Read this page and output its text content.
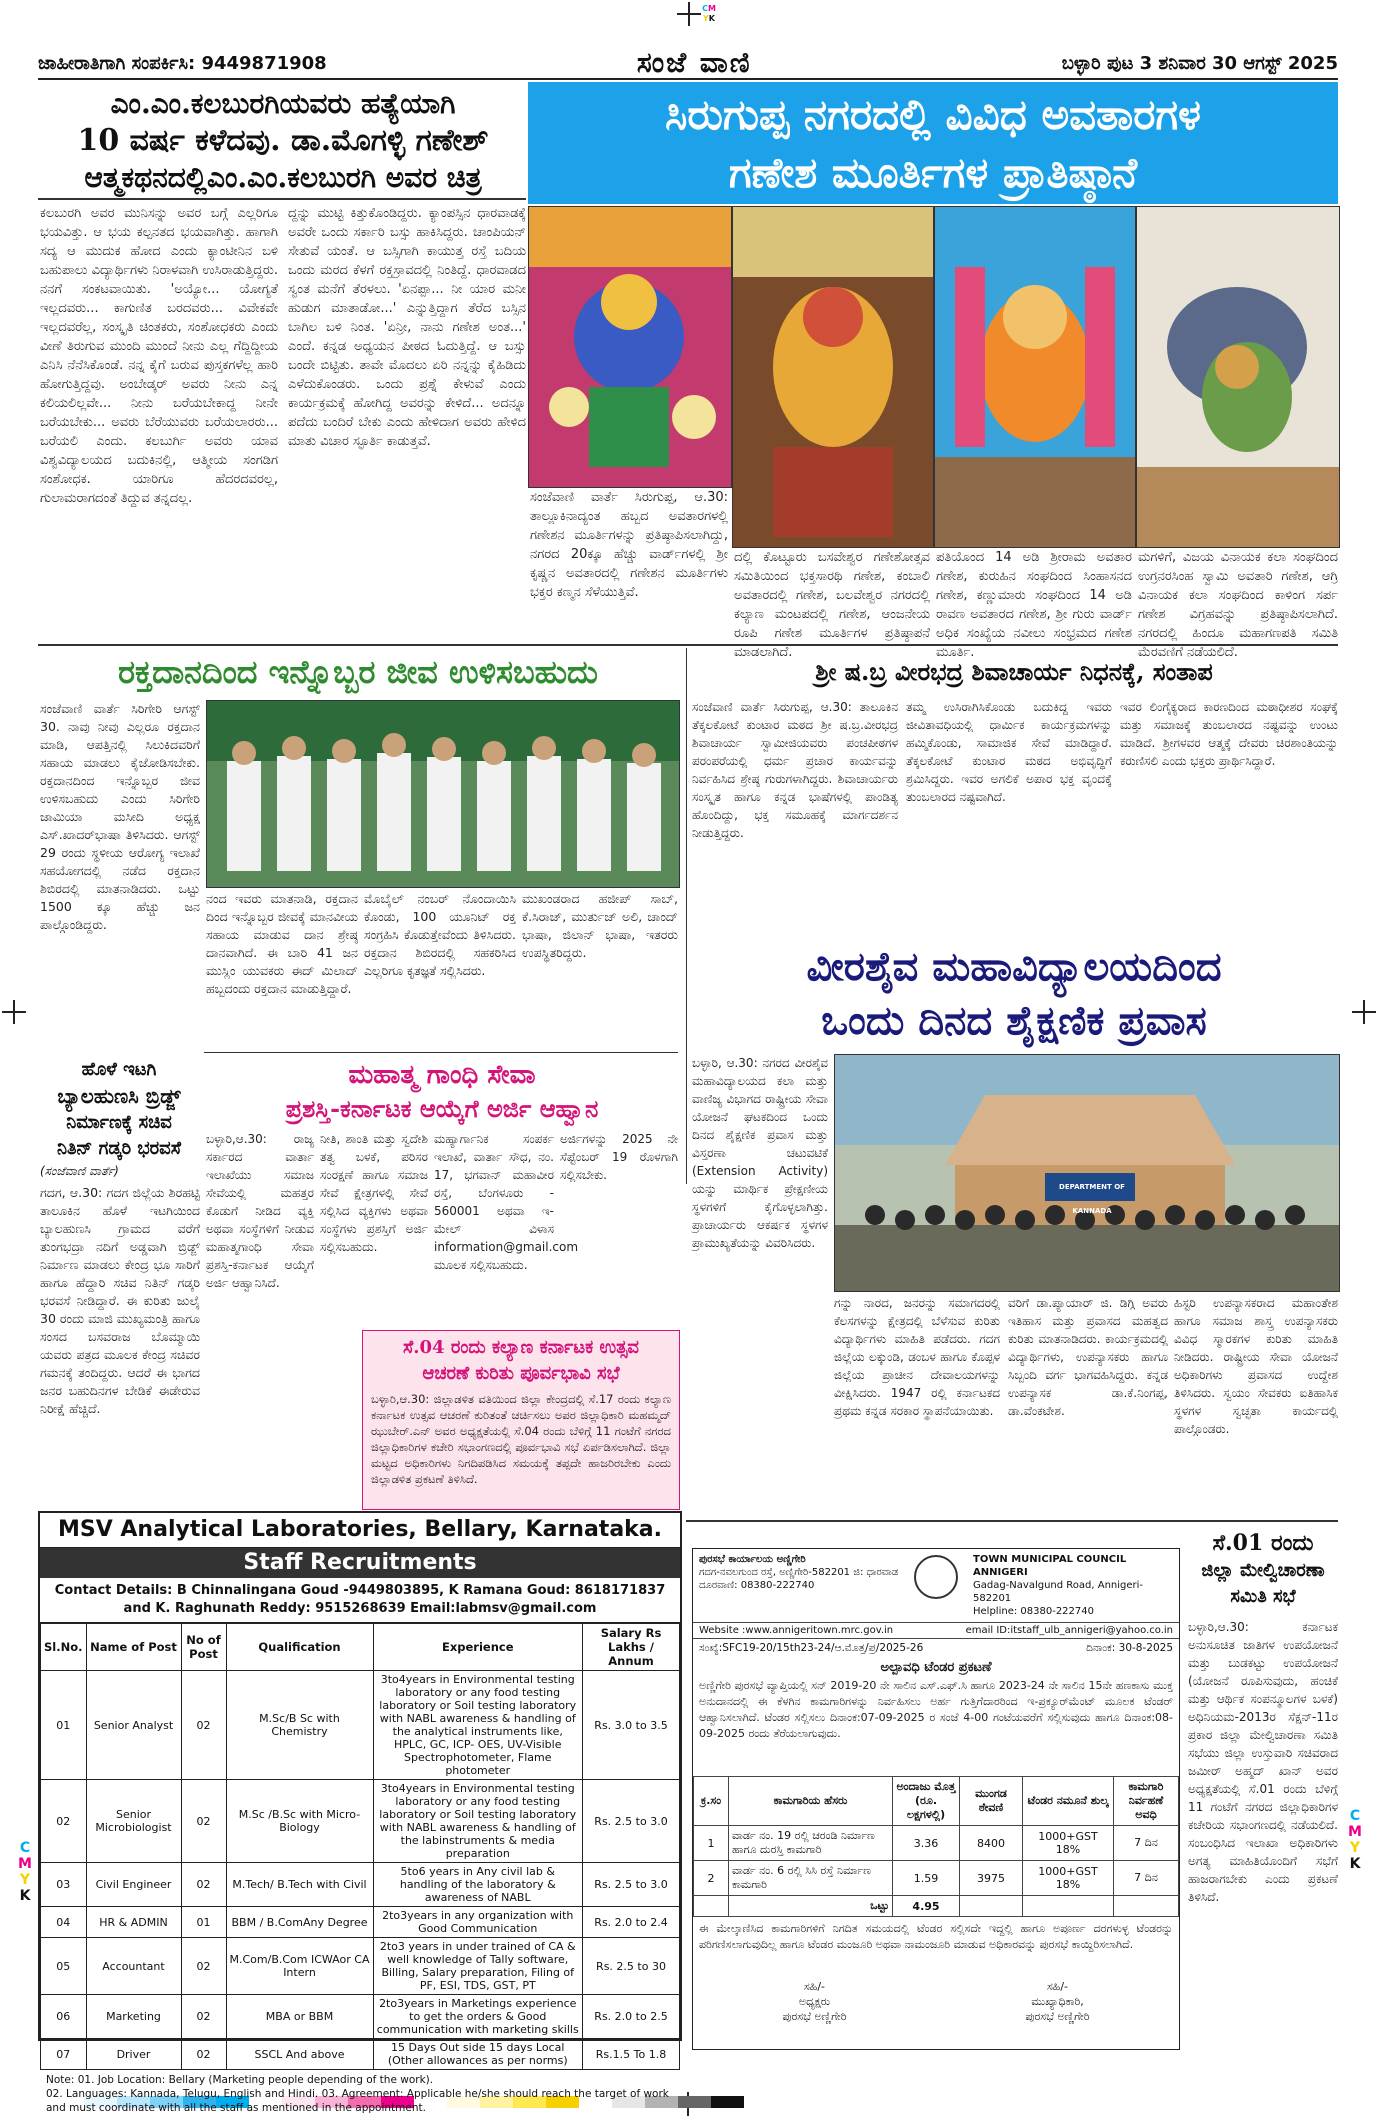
CM
YK
C
M
Y
K
C
M
Y
K
ಜಾಹೀರಾತಿಗಾಗಿ ಸಂಪರ್ಕಿಸಿ: 9449871908	ಸಂಜೆ ವಾಣಿ	ಬಳ್ಳಾರಿ ಪುಟ 3 ಶನಿವಾರ 30 ಆಗಸ್ಟ್ 2025
ಎಂ.ಎಂ.ಕಲಬುರಗಿಯವರು ಹತ್ಯೆಯಾಗಿ
10 ವರ್ಷ ಕಳೆದವು. ಡಾ.ಮೊಗಳ್ಳಿ ಗಣೇಶ್
ಆತ್ಮಕಥನದಲ್ಲಿಎಂ.ಎಂ.ಕಲಬುರಗಿ ಅವರ ಚಿತ್ರ
ಕಲಬುರಗಿ ಅವರ ಮುನಿಸನ್ನು ಅವರ ಬಗ್ಗೆ ಎಲ್ಲರಿಗೂ ಭಯವಿತ್ತು. ಆ ಭಯ ಕಲ್ಪನತದ ಭಯವಾಗಿತ್ತು. ಹಾಗಾಗಿ ಸದ್ಯ ಆ ಮುದುಕ ಹೋದ ಎಂದು ಕ್ಯಾಂಟೀನಿನ ಬಳಿ ಬಹುಪಾಲು ವಿದ್ಯಾರ್ಥಿಗಳು ನಿರಾಳವಾಗಿ ಉಸಿರಾಡುತ್ತಿದ್ದರು. ನನಗೆ ಸಂಕಟವಾಯಿತು. 'ಅಯ್ಯೋ... ಯೋಗ್ಯತೆ ಇಲ್ಲದವರು... ಕಾಗುಣಿತ ಬರದವರು... ವಿವೇಕವೇ ಇಲ್ಲದವರೆಲ್ಲ, ಸಂಸ್ಕೃತಿ ಚಿಂತಕರು, ಸಂಶೋಧಕರು ಎಂದು ವೀಣೆ ತಿರುಗುವ ಮುಂದಿ ಮುಂದೆ ನೀನು ಎಲ್ಲ ಗೆದ್ದಿದ್ದೀಯ ಎನಿಸಿ ನೆನೆಸಿಕೊಂಡೆ. ನನ್ನ ಕೈಗೆ ಬರುವ ಪುಸ್ತಕಗಳೆಲ್ಲ ಹಾರಿ ಹೋಗುತ್ತಿದ್ದವು. ಅಂಬೇಡ್ಕರ್ ಅವರು ನೀನು ಎನ್ನ ಕಲಿಯಲಿಲ್ಲವೇ... ನೀನು ಬರೆಯಬೇಕಾದ್ದ ನೀನೇ ಬರೆಯಬೇಕು... ಅವರು ಬೆರೆಯುವರು ಬರೆಯಲಾರರು... ಬರೆಯಲಿ ಎಂದು. ಕಲಬುರ್ಗಿ ಅವರು ಯಾವ ವಿಶ್ವವಿದ್ಯಾಲಯದ ಬದುಕಿನಲ್ಲಿ, ಆತ್ಮೀಯ ಸಂಗಡಿಗ ಸಂಶೋಧಕ. ಯಾರಿಗೂ ಹೆದರದವರಲ್ಲ, ಗುಲಾಮರಾಗದಂತೆ ತಿದ್ದುವ ತನ್ನದಲ್ಲ.
ದ್ದನ್ನು ಮುಟ್ಟಿ ಕಿತ್ತುಕೊಂಡಿದ್ದರು. ಕ್ಯಾಂಪಸ್ಸಿನ ಧಾರವಾಡಕ್ಕೆ ಅವರೇ ಒಂದು ಸರ್ಕಾರಿ ಬಸ್ಸು ಹಾಕಿಸಿದ್ದರು. ಚಾಂಪಿಯನ್ ಸೇತುವೆ ಯಂತೆ. ಆ ಬಸ್ಸಿಗಾಗಿ ಕಾಯುತ್ತ ರಸ್ತೆ ಬದಿಯ ಒಂದು ಮರದ ಕೆಳಗೆ ರಕ್ತಸ್ರಾವದಲ್ಲಿ ನಿಂತಿದ್ದೆ. ಧಾರವಾಡದ ಸ್ವಂತ ಮನೆಗೆ ತೆರಳಲು. 'ಏನಪ್ಪಾ... ನೀ ಯಾರ ಮನೀ ಹುಡುಗ ಮಾತಾಡೋ...' ಎನ್ನುತ್ತಿದ್ದಾಗ ತೆರೆದ ಬಸ್ಸಿನ ಬಾಗಿಲ ಬಳಿ ನಿಂತ. 'ಏನ್ರೀ, ನಾನು ಗಣೇಶ ಅಂತ...' ಎಂದೆ. ಕನ್ನಡ ಅಧ್ಯಯನ ಪೀಠದ ಓದುತ್ತಿದ್ದೆ. ಆ ಬಸ್ಸು ಬಂದೇ ಬಿಟ್ಟಿತು. ತಾವೇ ಮೊದಲು ಏರಿ ನನ್ನನ್ನು ಕೈಹಿಡಿದು ಎಳೆದುಕೊಂಡರು. ಒಂದು ಪ್ರಶ್ನೆ ಕೇಳುವೆ ಎಂದು ಕಾರ್ಯಕ್ರಮಕ್ಕೆ ಹೋಗಿದ್ದ ಅವರನ್ನು ಕೇಳಿದೆ... ಅದನ್ನೂ ಪದೆದು ಬಂದಿರೆ ಬೇಕು ಎಂದು ಹೇಳಿದಾಗ ಅವರು ಹೇಳಿದ ಮಾತು ವಿಚಾರ ಸ್ಫೂರ್ತಿ ಕಾಡುತ್ತವೆ.
ಸಿರುಗುಪ್ಪ ನಗರದಲ್ಲಿ ವಿವಿಧ ಅವತಾರಗಳ
ಗಣೇಶ ಮೂರ್ತಿಗಳ ಪ್ರಾತಿಷ್ಠಾನೆ
ಸಂಜೆವಾಣಿ ವಾರ್ತೆ ಸಿರುಗುಪ್ಪ, ಆ.30: ತಾಲ್ಲೂಕಿನಾದ್ಯಂತ ಹಬ್ಬದ ಅವತಾರಗಳಲ್ಲಿ ಗಣೇಶನ ಮೂರ್ತಿಗಳನ್ನು ಪ್ರತಿಷ್ಠಾಪಿಸಲಾಗಿದ್ದು, ನಗರದ 20ಕ್ಕೂ ಹೆಚ್ಚು ವಾರ್ಡ್‌ಗಳಲ್ಲಿ ಶ್ರೀ ಕೃಷ್ಣನ ಅವತಾರದಲ್ಲಿ ಗಣೇಶನ ಮೂರ್ತಿಗಳು ಭಕ್ತರ ಕಣ್ಮನ ಸೆಳೆಯುತ್ತಿವೆ.
ದಲ್ಲಿ ಕೊಟ್ಟೂರು ಬಸವೇಶ್ವರ ಗಣೇಶೋತ್ಸವ ಸಮಿತಿಯಿಂದ ಭಕ್ತಸಾರಥಿ ಗಣೇಶ, ಕಂಬಾಲಿ ಅವತಾರದಲ್ಲಿ ಗಣೇಶ, ಬಲವೇಶ್ವರ ನಗರದಲ್ಲಿ ಕಲ್ಯಾಣ ಮಂಟಪದಲ್ಲಿ ಗಣೇಶ, ಆಂಜನೇಯ ರೂಪಿ ಗಣೇಶ ಮೂರ್ತಿಗಳ ಪ್ರತಿಷ್ಠಾಪನೆ ಮಾಡಲಾಗಿದೆ.
ಪತಿಯೊಂದ 14 ಅಡಿ ಶ್ರೀರಾಮ ಅವತಾರ ಗಣೇಶ, ಕುರುಹಿನ ಸಂಘದಿಂದ ಸಿಂಹಾಸನದ ಗಣೇಶ, ಕಣ್ಣುಮಾರು ಸಂಘದಿಂದ 14 ಅಡಿ ರಾವಣ ಅವತಾರದ ಗಣೇಶ, ಶ್ರೀ ಗುರು ವಾರ್ಡ್ ಅಧಿಕ ಸಂಖ್ಯೆಯ ನವೀಲು ಸಂಭ್ರಮದ ಗಣೇಶ ಮೂರ್ತಿ.
ಮಗಳಿಗೆ, ವಿಜಯ ವಿನಾಯಕ ಕಲಾ ಸಂಘದಿಂದ ಉಗ್ರನರಸಿಂಹ ಸ್ವಾಮಿ ಅವತಾರಿ ಗಣೇಶ, ಆಗ್ರಿ ವಿನಾಯಕ ಕಲಾ ಸಂಘದಿಂದ ಕಾಳಿಂಗ ಸರ್ಪ ಗಣೇಶ ವಿಗ್ರಹವನ್ನು ಪ್ರತಿಷ್ಠಾಪಿಸಲಾಗಿದೆ. ನಗರದಲ್ಲಿ ಹಿಂದೂ ಮಹಾಗಣಪತಿ ಸಮಿತಿ ಮೆರವಣಿಗೆ ನಡೆಯಲಿದೆ.
ರಕ್ತದಾನದಿಂದ ಇನ್ನೊಬ್ಬರ ಜೀವ ಉಳಿಸಬಹುದು
ಸಂಜೆವಾಣಿ ವಾರ್ತೆ ಸಿರಿಗೇರಿ ಆಗಸ್ಟ್ 30. ನಾವು ನೀವು ಎಲ್ಲರೂ ರಕ್ತದಾನ ಮಾಡಿ, ಆಪತ್ತಿನಲ್ಲಿ ಸಿಲುಕಿದವರಿಗೆ ಸಹಾಯ ಮಾಡಲು ಕೈಜೋಡಿಸಬೇಕು. ರಕ್ತದಾನದಿಂದ ಇನ್ನೊಬ್ಬರ ಜೀವ ಉಳಿಸಬಹುದು ಎಂದು ಸಿರಿಗೇರಿ ಜಾಮಿಯಾ ಮಸೀದಿ ಅಧ್ಯಕ್ಷ ಎಸ್.ಖಾದರ್‌ಭಾಷಾ ತಿಳಿಸಿದರು. ಆಗಸ್ಟ್ 29 ರಂದು ಸ್ಥಳೀಯ ಆರೋಗ್ಯ ಇಲಾಖೆ ಸಹಯೋಗದಲ್ಲಿ ನಡೆದ ರಕ್ತದಾನ ಶಿಬಿರದಲ್ಲಿ ಮಾತನಾಡಿದರು. ಒಟ್ಟು 1500 ಕ್ಕೂ ಹೆಚ್ಚು ಜನ ಪಾಲ್ಗೊಂಡಿದ್ದರು.
ನಂದ ಇವರು ಮಾತನಾಡಿ, ರಕ್ತದಾನ ದಿಂದ ಇನ್ನೊಬ್ಬರ ಜೀವಕ್ಕೆ ಮಾನವೀಯ ಸಹಾಯ ಮಾಡುವ ದಾನ ಶ್ರೇಷ್ಠ ದಾನವಾಗಿದೆ. ಈ ಬಾರಿ 41 ಜನ ಮುಸ್ಲಿಂ ಯುವಕರು ಈದ್ ಮಿಲಾದ್ ಹಬ್ಬದಂದು ರಕ್ತದಾನ ಮಾಡುತ್ತಿದ್ದಾರೆ.
ಮೊಬೈಲ್ ನಂಬರ್ ನೊಂದಾಯಿಸಿ ಕೊಂಡು, 100 ಯೂನಿಟ್ ರಕ್ತ ಸಂಗ್ರಹಿಸಿ ಕೊಡುತ್ತೇವೆಂದು ತಿಳಿಸಿದರು. ರಕ್ತದಾನ ಶಿಬಿರದಲ್ಲಿ ಸಹಕರಿಸಿದ ಎಲ್ಲರಿಗೂ ಕೃತಜ್ಞತೆ ಸಲ್ಲಿಸಿದರು.
ಮುಖಂಡರಾದ ಹಜೀಪ್ ಸಾಬ್, ಕೆ.ಸಿರಾಜ್, ಮುರ್ತುಜ್ ಅಲಿ, ಚಾಂದ್ ಭಾಷಾ, ಜಿಲಾನ್ ಭಾಷಾ, ಇತರರು ಉಪಸ್ಥಿತರಿದ್ದರು.
ಹೊಳೆ ಇಟಗಿ
ಬ್ಯಾಲಹುಣಸಿ ಬ್ರಿಡ್ಜ್
ನಿರ್ಮಾಣಕ್ಕೆ ಸಚಿವ
ನಿತಿನ್ ಗಡ್ಕರಿ ಭರವಸೆ
(ಸಂಜೆವಾಣಿ ವಾರ್ತೆ)
ಗದಗ, ಆ.30: ಗದಗ ಜಿಲ್ಲೆಯ ಶಿರಹಟ್ಟಿ ತಾಲೂಕಿನ ಹೊಳೆ ಇಟಗಿಯಿಂದ ಬ್ಯಾಲಹುಣಸಿ ಗ್ರಾಮದ ವರೆಗೆ ತುಂಗಭದ್ರಾ ನದಿಗೆ ಅಡ್ಡವಾಗಿ ಬ್ರಿಡ್ಜ್ ನಿರ್ಮಾಣ ಮಾಡಲು ಕೇಂದ್ರ ಭೂ ಸಾರಿಗೆ ಹಾಗೂ ಹೆದ್ದಾರಿ ಸಚಿವ ನಿತಿನ್ ಗಡ್ಕರಿ ಭರವಸೆ ನೀಡಿದ್ದಾರೆ. ಈ ಕುರಿತು ಜುಲೈ 30 ರಂದು ಮಾಜಿ ಮುಖ್ಯಮಂತ್ರಿ ಹಾಗೂ ಸಂಸದ ಬಸವರಾಜ ಬೊಮ್ಮಾಯಿ ಯವರು ಪತ್ರದ ಮೂಲಕ ಕೇಂದ್ರ ಸಚಿವರ ಗಮನಕ್ಕೆ ತಂದಿದ್ದರು. ಆದರೆ ಈ ಭಾಗದ ಜನರ ಬಹುದಿನಗಳ ಬೇಡಿಕೆ ಈಡೇರುವ ನಿರೀಕ್ಷೆ ಹೆಚ್ಚಿದೆ.
ಮಹಾತ್ಮ ಗಾಂಧಿ ಸೇವಾ
ಪ್ರಶಸ್ತಿ-ಕರ್ನಾಟಕ ಆಯ್ಕೆಗೆ ಅರ್ಜಿ ಆಹ್ವಾನ
ಬಳ್ಳಾರಿ,ಆ.30: ರಾಜ್ಯ ಸರ್ಕಾರದ ವಾರ್ತಾ ಇಲಾಖೆಯು ಸಮಾಜ ಸೇವೆಯಲ್ಲಿ ಮಹತ್ತರ ಕೊಡುಗೆ ನೀಡಿದ ವ್ಯಕ್ತಿ ಅಥವಾ ಸಂಸ್ಥೆಗಳಿಗೆ ನೀಡುವ ಮಹಾತ್ಮಗಾಂಧಿ ಸೇವಾ ಪ್ರಶಸ್ತಿ-ಕರ್ನಾಟಕ ಆಯ್ಕೆಗೆ ಅರ್ಜಿ ಆಹ್ವಾನಿಸಿದೆ.
ನೀತಿ, ಶಾಂತಿ ಮತ್ತು ಸ್ವದೇಶಿ ತತ್ವ ಬಳಕೆ, ಪರಿಸರ ಸಂರಕ್ಷಣೆ ಹಾಗೂ ಸಮಾಜ ಸೇವೆ ಕ್ಷೇತ್ರಗಳಲ್ಲಿ ಸೇವೆ ಸಲ್ಲಿಸಿದ ವ್ಯಕ್ತಿಗಳು ಅಥವಾ ಸಂಸ್ಥೆಗಳು ಪ್ರಶಸ್ತಿಗೆ ಅರ್ಜಿ ಸಲ್ಲಿಸಬಹುದು.
ಮಹ್ಯಾರ್ಗಾನಿಕ ಸಂಪರ್ಕ ಇಲಾಖೆ, ವಾರ್ತಾ ಸೌಧ, ನಂ. 17, ಭಗವಾನ್ ಮಹಾವೀರ ರಸ್ತೆ, ಬೆಂಗಳೂರು - 560001 ಅಥವಾ ಇ-ಮೇಲ್ ವಿಳಾಸ information@gmail.com ಮೂಲಕ ಸಲ್ಲಿಸಬಹುದು.
ಅರ್ಜಿಗಳನ್ನು 2025 ನೇ ಸೆಪ್ಟೆಂಬರ್ 19 ರೊಳಗಾಗಿ ಸಲ್ಲಿಸಬೇಕು.
ಸೆ.04 ರಂದು ಕಲ್ಯಾಣ ಕರ್ನಾಟಕ ಉತ್ಸವ
ಆಚರಣೆ ಕುರಿತು ಪೂರ್ವಭಾವಿ ಸಭೆ
ಬಳ್ಳಾರಿ,ಆ.30: ಜಿಲ್ಲಾಡಳಿತ ವತಿಯಿಂದ ಜಿಲ್ಲಾ ಕೇಂದ್ರದಲ್ಲಿ ಸೆ.17 ರಂದು ಕಲ್ಯಾಣ ಕರ್ನಾಟಕ ಉತ್ಸವ ಆಚರಣೆ ಕುರಿತಂತೆ ಚರ್ಚಿಸಲು ಅಪರ ಜಿಲ್ಲಾಧಿಕಾರಿ ಮಹಮ್ಮದ್ ಝುಬೇರ್.ಎನ್ ಅವರ ಅಧ್ಯಕ್ಷತೆಯಲ್ಲಿ ಸೆ.04 ರಂದು ಬೆಳಿಗ್ಗೆ 11 ಗಂಟೆಗೆ ನಗರದ ಜಿಲ್ಲಾಧಿಕಾರಿಗಳ ಕಚೇರಿ ಸಭಾಂಗಣದಲ್ಲಿ ಪೂರ್ವಭಾವಿ ಸಭೆ ಏರ್ಪಡಿಸಲಾಗಿದೆ. ಜಿಲ್ಲಾ ಮಟ್ಟದ ಅಧಿಕಾರಿಗಳು ನಿಗದಿಪಡಿಸಿದ ಸಮಯಕ್ಕೆ ತಪ್ಪದೇ ಹಾಜರಿರಬೇಕು ಎಂದು ಜಿಲ್ಲಾಡಳಿತ ಪ್ರಕಟಣೆ ತಿಳಿಸಿದೆ.
ಶ್ರೀ ಷ.ಬ್ರ ವೀರಭದ್ರ ಶಿವಾಚಾರ್ಯ ನಿಧನಕ್ಕೆ, ಸಂತಾಪ
ಸಂಜೆವಾಣಿ ವಾರ್ತೆ ಸಿರುಗುಪ್ಪ, ಆ.30: ತಾಲೂಕಿನ ತೆಕ್ಕಲಕೋಟೆ ಕುಂಟಾರ ಮಠದ ಶ್ರೀ ಷ.ಬ್ರ.ವೀರಭದ್ರ ಶಿವಾಚಾರ್ಯ ಸ್ವಾಮೀಜಿಯವರು ಪಂಚಪೀಠಗಳ ಪರಂಪರೆಯಲ್ಲಿ ಧರ್ಮ ಪ್ರಚಾರ ಕಾರ್ಯವನ್ನು ನಿರ್ವಹಿಸಿದ ಶ್ರೇಷ್ಠ ಗುರುಗಳಾಗಿದ್ದರು. ಶಿವಾಚಾರ್ಯರು ಸಂಸ್ಕೃತ ಹಾಗೂ ಕನ್ನಡ ಭಾಷೆಗಳಲ್ಲಿ ಪಾಂಡಿತ್ಯ ಹೊಂದಿದ್ದು, ಭಕ್ತ ಸಮೂಹಕ್ಕೆ ಮಾರ್ಗದರ್ಶನ ನೀಡುತ್ತಿದ್ದರು.
ತಮ್ಮ ಉಸಿರಾಗಿಸಿಕೊಂಡು ಬದುಕಿದ್ದ ಇವರು ಜೀವಿತಾವಧಿಯಲ್ಲಿ ಧಾರ್ಮಿಕ ಕಾರ್ಯಕ್ರಮಗಳನ್ನು ಹಮ್ಮಿಕೊಂಡು, ಸಾಮಾಜಿಕ ಸೇವೆ ಮಾಡಿದ್ದಾರೆ. ತೆಕ್ಕಲಕೋಟೆ ಕುಂಟಾರ ಮಠದ ಅಭಿವೃದ್ಧಿಗೆ ಶ್ರಮಿಸಿದ್ದರು. ಇವರ ಅಗಲಿಕೆ ಅಪಾರ ಭಕ್ತ ವೃಂದಕ್ಕೆ ತುಂಬಲಾರದ ನಷ್ಟವಾಗಿದೆ.
ಇವರ ಲಿಂಗೈಕ್ಯರಾದ ಕಾರಣದಿಂದ ಮಠಾಧೀಶರ ಸಂಘಕ್ಕೆ ಮತ್ತು ಸಮಾಜಕ್ಕೆ ತುಂಬಲಾರದ ನಷ್ಟವನ್ನು ಉಂಟು ಮಾಡಿದೆ. ಶ್ರೀಗಳವರ ಆತ್ಮಕ್ಕೆ ದೇವರು ಚಿರಶಾಂತಿಯನ್ನು ಕರುಣಿಸಲಿ ಎಂದು ಭಕ್ತರು ಪ್ರಾರ್ಥಿಸಿದ್ದಾರೆ.
ವೀರಶೈವ ಮಹಾವಿದ್ಯಾಲಯದಿಂದ
ಒಂದು ದಿನದ ಶೈಕ್ಷಣಿಕ ಪ್ರವಾಸ
ಬಳ್ಳಾರಿ, ಆ.30: ನಗರದ ವೀರಶೈವ ಮಹಾವಿದ್ಯಾಲಯದ ಕಲಾ ಮತ್ತು ವಾಣಿಜ್ಯ ವಿಭಾಗದ ರಾಷ್ಟ್ರೀಯ ಸೇವಾ ಯೋಜನೆ ಘಟಕದಿಂದ ಒಂದು ದಿನದ ಶೈಕ್ಷಣಿಕ ಪ್ರವಾಸ ಮತ್ತು ವಿಸ್ತರಣಾ ಚಟುವಟಿಕೆ (Extension Activity) ಯನ್ನು ಮಾರ್ಥಿಕ ಪ್ರೇಕ್ಷಣೀಯ ಸ್ಥಳಗಳಿಗೆ ಕೈಗೊಳ್ಳಲಾಗಿತ್ತು. ಪ್ರಾಚಾರ್ಯರು ಆಕರ್ಷಕ ಸ್ಥಳಗಳ ಪ್ರಾಮುಖ್ಯತೆಯನ್ನು ವಿವರಿಸಿದರು.
DEPARTMENT OF KANNADA
ಗನ್ನು ನಾರದ, ಜನರನ್ನು ಸಮಾಗದರಲ್ಲಿ ಕೆಲಸಗಳನ್ನು ಕ್ಷೇತ್ರದಲ್ಲಿ ಬೆಳೆಸುವ ಕುರಿತು ವಿದ್ಯಾರ್ಥಿಗಳು ಮಾಹಿತಿ ಪಡೆದರು. ಗದಗ ಜಿಲ್ಲೆಯ ಲಕ್ಕುಂಡಿ, ಡಂಬಳ ಹಾಗೂ ಕೊಪ್ಪಳ ಜಿಲ್ಲೆಯ ಪ್ರಾಚೀನ ದೇವಾಲಯಗಳನ್ನು ವೀಕ್ಷಿಸಿದರು. 1947 ರಲ್ಲಿ ಕರ್ನಾಟಕದ ಪ್ರಥಮ ಕನ್ನಡ ಸರಕಾರ ಸ್ಥಾಪನೆಯಾಯಿತು.
ವರಿಗೆ ಡಾ.ಪ್ಯಾಯಾರ್ ಜಿ. ಡಿಗ್ಗಿ ಅವರು ಇತಿಹಾಸ ಮತ್ತು ಪ್ರವಾಸದ ಮಹತ್ವದ ಕುರಿತು ಮಾತನಾಡಿದರು. ಕಾರ್ಯಕ್ರಮದಲ್ಲಿ ವಿದ್ಯಾರ್ಥಿಗಳು, ಉಪನ್ಯಾಸಕರು ಹಾಗೂ ಸಿಬ್ಬಂದಿ ವರ್ಗ ಭಾಗವಹಿಸಿದ್ದರು. ಕನ್ನಡ ಉಪನ್ಯಾಸಕ ಡಾ.ಕೆ.ನಿಂಗಪ್ಪ, ಡಾ.ವೆಂಕಟೇಶ.
ಹಿಸ್ಟರಿ ಉಪನ್ಯಾಸಕರಾದ ಮಹಾಂತೇಶ ಹಾಗೂ ಸಮಾಜ ಶಾಸ್ತ್ರ ಉಪನ್ಯಾಸಕರು ವಿವಿಧ ಸ್ಮಾರಕಗಳ ಕುರಿತು ಮಾಹಿತಿ ನೀಡಿದರು. ರಾಷ್ಟ್ರೀಯ ಸೇವಾ ಯೋಜನೆ ಅಧಿಕಾರಿಗಳು ಪ್ರವಾಸದ ಉದ್ದೇಶ ತಿಳಿಸಿದರು. ಸ್ವಯಂ ಸೇವಕರು ಐತಿಹಾಸಿಕ ಸ್ಥಳಗಳ ಸ್ವಚ್ಛತಾ ಕಾರ್ಯದಲ್ಲಿ ಪಾಲ್ಗೊಂಡರು.
MSV Analytical Laboratories, Bellary, Karnataka.
Staff Recruitments
Contact Details: B Chinnalingana Goud -9449803895, K Ramana Goud: 8618171837
and K. Raghunath Reddy: 9515268639 Email:labmsv@gmail.com
Sl.No.	Name of Post	No of Post	Qualification	Experience	Salary Rs Lakhs / Annum
01	Senior Analyst	02	M.Sc/B Sc with Chemistry	3to4years in Environmental testing laboratory or any food testing laboratory or Soil testing laboratory with NABL awareness & handling of the analytical instruments like, HPLC, GC, ICP- OES, UV-Visible Spectrophotometer, Flame photometer	Rs. 3.0 to 3.5
02	Senior Microbiologist	02	M.Sc /B.Sc with Micro-Biology	3to4years in Environmental testing laboratory or any food testing laboratory or Soil testing laboratory with NABL awareness & handling of the labinstruments & media preparation	Rs. 2.5 to 3.0
03	Civil Engineer	02	M.Tech/ B.Tech with Civil	5to6 years in Any civil lab & handling of the laboratory & awareness of NABL	Rs. 2.5 to 3.0
04	HR & ADMIN	01	BBM / B.ComAny Degree	2to3years in any organization with Good Communication	Rs. 2.0 to 2.4
05	Accountant	02	M.Com/B.Com ICWAor CA Intern	2to3 years in under trained of CA & well knowledge of Tally software, Billing, Salary preparation, Filing of PF, ESI, TDS, GST, PT	Rs. 2.5 to 30
06	Marketing	02	MBA or BBM	2to3years in Marketings experience to get the orders & Good communication with marketing skills	Rs. 2.0 to 2.5
07	Driver	02	SSCL And above	15 Days Out side 15 days Local (Other allowances as per norms)	Rs.1.5 To 1.8
Note: 01. Job Location: Bellary (Marketing people depending of the work).
02. Languages: Kannada, Telugu, English and Hindi. 03. Agreement: Applicable he/she should reach the target of work and must coordinate with all the staff as mentioned in the appointment.
ಪುರಸಭೆ ಕಾರ್ಯಾಲಯ ಅಣ್ಣಿಗೇರಿ
ಗದಗ-ನವಲಗುಂದ ರಸ್ತೆ, ಅಣ್ಣಿಗೇರಿ-582201 ಜಿ: ಧಾರವಾಡ
ದೂರವಾಣಿ: 08380-222740
TOWN MUNICIPAL COUNCIL ANNIGERI
Gadag-Navalgund Road, Annigeri-582201
Helpline: 08380-222740
Website :www.annigeritown.mrc.gov.in	email ID:itstaff_ulb_annigeri@yahoo.co.in
ಸಂಖ್ಯೆ:SFC19-20/15th23-24/ಆ.ಮೊತ್ತ/ಪ್ರ/2025-26	ದಿನಾಂಕ: 30-8-2025
ಅಲ್ಪಾವಧಿ ಟೆಂಡರ ಪ್ರಕಟಣೆ
ಅಣ್ಣಿಗೇರಿ ಪುರಸಭೆ ವ್ಯಾಪ್ತಿಯಲ್ಲಿ ಸನ್ 2019-20 ನೇ ಸಾಲಿನ ಎಸ್.ಎಫ್.ಸಿ ಹಾಗೂ 2023-24 ನೇ ಸಾಲಿನ 15ನೇ ಹಣಕಾಸು ಮುಕ್ತ ಅನುದಾನದಲ್ಲಿ ಈ ಕೆಳಗಿನ ಕಾಮಗಾರಿಗಳನ್ನು ನಿರ್ವಹಿಸಲು ಅರ್ಹ ಗುತ್ತಿಗೆದಾರರಿಂದ ಇ-ಪ್ರಕ್ಯೂರ್‌ಮೆಂಟ್ ಮೂಲಕ ಟೆಂಡರ್ ಆಹ್ವಾನಿಸಲಾಗಿದೆ. ಟೆಂಡರ ಸಲ್ಲಿಸಲು ದಿನಾಂಕ:07-09-2025 ರ ಸಂಜೆ 4-00 ಗಂಟೆಯವರೆಗೆ ಸಲ್ಲಿಸುವುದು ಹಾಗೂ ದಿನಾಂಕ:08-09-2025 ರಂದು ತೆರೆಯಲಾಗುವುದು.
ಕ್ರ.ಸಂ	ಕಾಮಗಾರಿಯ ಹೆಸರು	ಅಂದಾಜು ಮೊತ್ತ (ರೂ. ಲಕ್ಷಗಳಲ್ಲಿ)	ಮುಂಗಡ ಠೇವಣಿ	ಟೆಂಡರ ನಮೂನೆ ಶುಲ್ಕ	ಕಾಮಗಾರಿ ನಿರ್ವಹಣೆ ಅವಧಿ
1	ವಾರ್ಡ ನಂ. 19 ರಲ್ಲಿ ಚರಂಡಿ ನಿರ್ಮಾಣ ಹಾಗೂ ದುರಸ್ತಿ ಕಾಮಗಾರಿ	3.36	8400	1000+GST 18%	7 ದಿನ
2	ವಾರ್ಡ ನಂ. 6 ರಲ್ಲಿ ಸಿಸಿ ರಸ್ತೆ ನಿರ್ಮಾಣ ಕಾಮಗಾರಿ	1.59	3975	1000+GST 18%	7 ದಿನ
	ಒಟ್ಟು	4.95			
ಈ ಮೇಲ್ಕಾಣಿಸಿದ ಕಾಮಗಾರಿಗಳಿಗೆ ನಿಗದಿತ ಸಮಯದಲ್ಲಿ ಟೆಂಡರ ಸಲ್ಲಿಸದೇ ಇದ್ದಲ್ಲಿ ಹಾಗೂ ಅಪೂರ್ಣ ದರಗಳುಳ್ಳ ಟೆಂಡರನ್ನು ಪರಿಗಣಿಸಲಾಗುವುದಿಲ್ಲ ಹಾಗೂ ಟೆಂಡರ ಮಂಜೂರಿ ಅಥವಾ ನಾಮಂಜೂರಿ ಮಾಡುವ ಅಧಿಕಾರವನ್ನು ಪುರಸಭೆ ಕಾಯ್ದಿರಿಸಲಾಗಿದೆ.
ಸಹಿ/-
ಅಧ್ಯಕ್ಷರು
ಪುರಸಭೆ ಅಣ್ಣಿಗೇರಿ
ಸಹಿ/-
ಮುಖ್ಯಾಧಿಕಾರಿ,
ಪುರಸಭೆ ಅಣ್ಣಿಗೇರಿ
ಸೆ.01 ರಂದು
ಜಿಲ್ಲಾ ಮೇಲ್ವಿಚಾರಣಾ
ಸಮಿತಿ ಸಭೆ
ಬಳ್ಳಾರಿ,ಆ.30: ಕರ್ನಾಟಕ ಅನುಸೂಚಿತ ಜಾತಿಗಳ ಉಪಯೋಜನೆ ಮತ್ತು ಬುಡಕಟ್ಟು ಉಪಯೋಜನೆ (ಯೋಜನೆ ರೂಪಿಸುವುದು, ಹಂಚಿಕೆ ಮತ್ತು ಆರ್ಥಿಕ ಸಂಪನ್ಮೂಲಗಳ ಬಳಕೆ) ಅಧಿನಿಯಮ-2013ರ ಸೆಕ್ಷನ್-11ರ ಪ್ರಕಾರ ಜಿಲ್ಲಾ ಮೇಲ್ವಿಚಾರಣಾ ಸಮಿತಿ ಸಭೆಯು ಜಿಲ್ಲಾ ಉಸ್ತುವಾರಿ ಸಚಿವರಾದ ಜಮೀರ್ ಅಹ್ಮದ್ ಖಾನ್ ಅವರ ಅಧ್ಯಕ್ಷತೆಯಲ್ಲಿ ಸೆ.01 ರಂದು ಬೆಳಿಗ್ಗೆ 11 ಗಂಟೆಗೆ ನಗರದ ಜಿಲ್ಲಾಧಿಕಾರಿಗಳ ಕಚೇರಿಯ ಸಭಾಂಗಣದಲ್ಲಿ ನಡೆಯಲಿದೆ. ಸಂಬಂಧಿಸಿದ ಇಲಾಖಾ ಅಧಿಕಾರಿಗಳು ಅಗತ್ಯ ಮಾಹಿತಿಯೊಂದಿಗೆ ಸಭೆಗೆ ಹಾಜರಾಗಬೇಕು ಎಂದು ಪ್ರಕಟಣೆ ತಿಳಿಸಿದೆ.
